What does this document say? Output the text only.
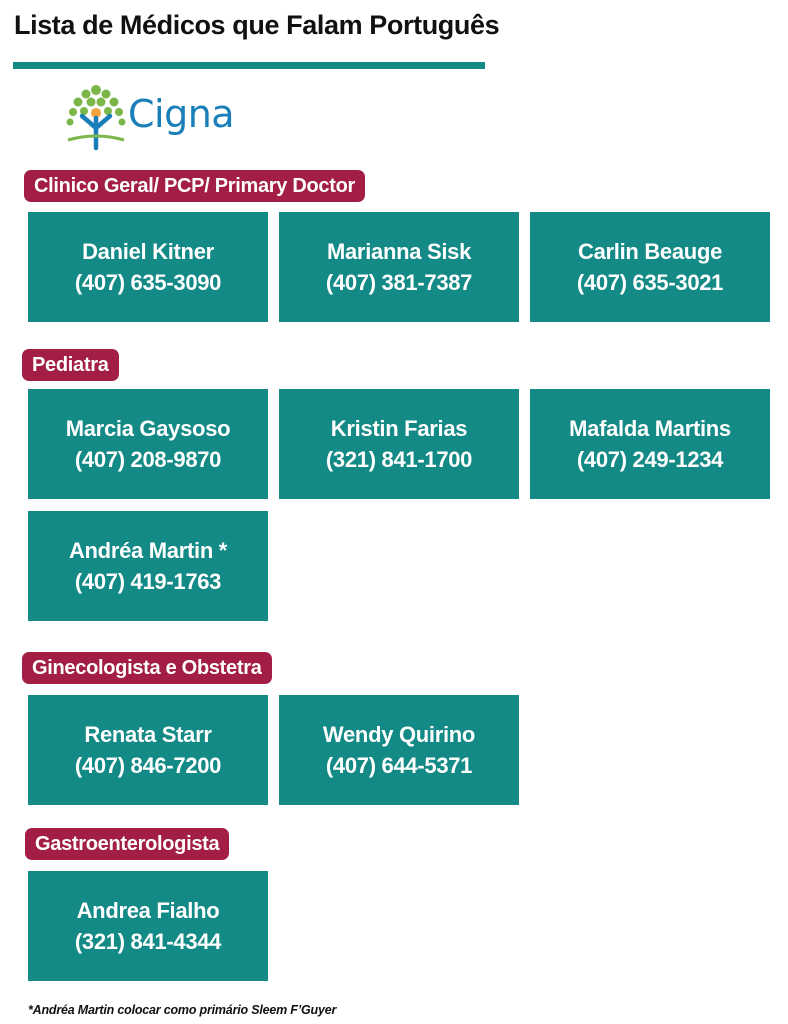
Lista de Médicos que Falam Português
Cigna
Clinico Geral/ PCP/ Primary Doctor
Daniel Kitner
(407) 635-3090
Marianna Sisk
(407) 381-7387
Carlin Beauge
(407) 635-3021
Pediatra
Marcia Gaysoso
(407) 208-9870
Kristin Farias
(321) 841-1700
Mafalda Martins
(407) 249-1234
Andréa Martin *
(407) 419-1763
Ginecologista e Obstetra
Renata Starr
(407) 846-7200
Wendy Quirino
(407) 644-5371
Gastroenterologista
Andrea Fialho
(321) 841-4344
*Andréa Martin colocar como primário Sleem F’Guyer
